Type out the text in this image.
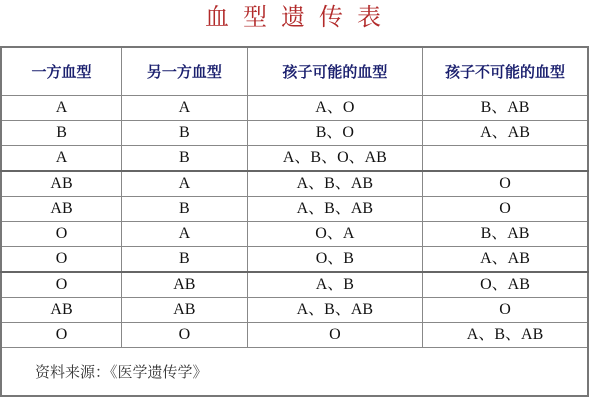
血型遗传表
一方血型	另一方血型	孩子可能的血型	孩子不可能的血型
A	A	A、O	B、AB
B	B	B、O	A、AB
A	B	A、B、O、AB	
AB	A	A、B、AB	O
AB	B	A、B、AB	O
O	A	O、A	B、AB
O	B	O、B	A、AB
O	AB	A、B	O、AB
AB	AB	A、B、AB	O
O	O	O	A、B、AB
资料来源：《医学遗传学》			
